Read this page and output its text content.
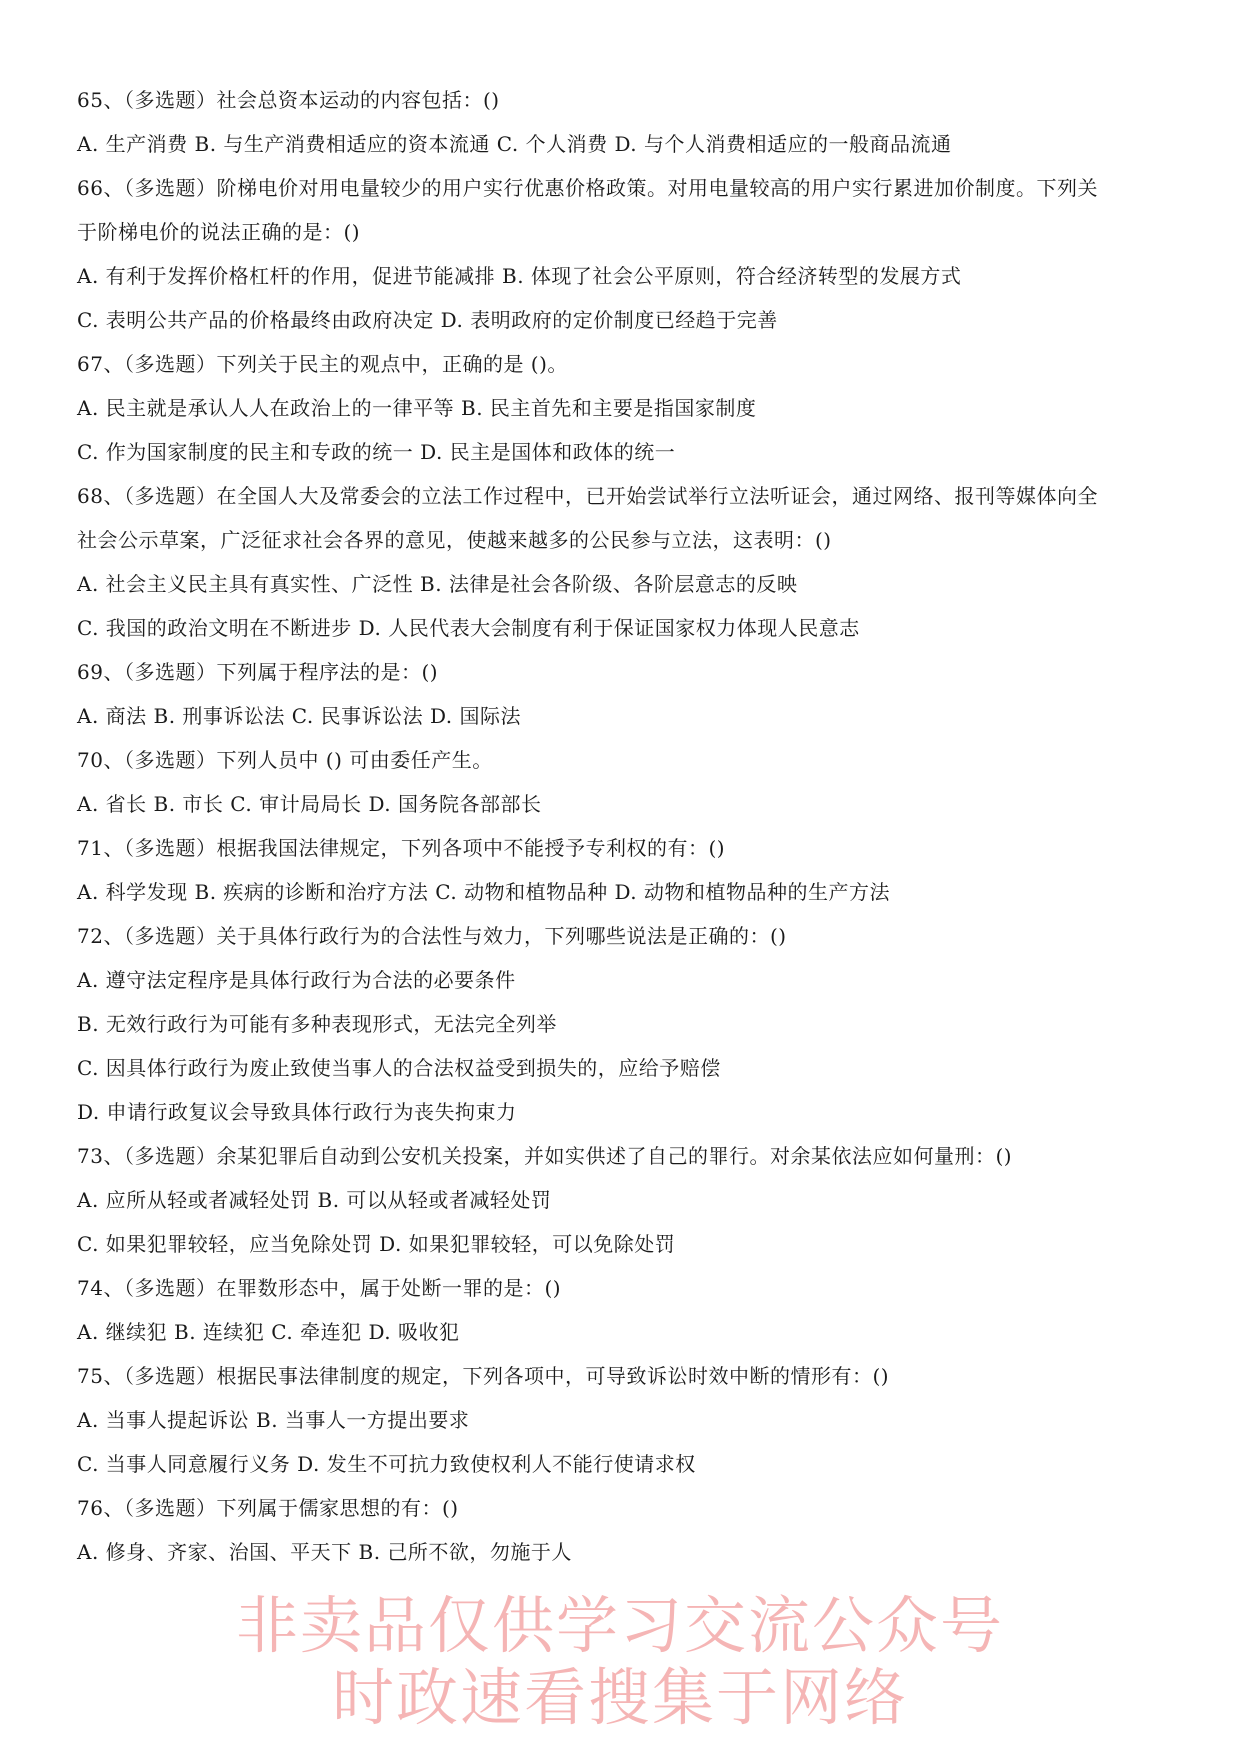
65、（多选题）社会总资本运动的内容包括：()
A. 生产消费 B. 与生产消费相适应的资本流通 C. 个人消费 D. 与个人消费相适应的一般商品流通
66、（多选题）阶梯电价对用电量较少的用户实行优惠价格政策。对用电量较高的用户实行累进加价制度。下列关
于阶梯电价的说法正确的是：()
A. 有利于发挥价格杠杆的作用，促进节能减排 B. 体现了社会公平原则，符合经济转型的发展方式
C. 表明公共产品的价格最终由政府决定 D. 表明政府的定价制度已经趋于完善
67、（多选题）下列关于民主的观点中，正确的是 ()。
A. 民主就是承认人人在政治上的一律平等 B. 民主首先和主要是指国家制度
C. 作为国家制度的民主和专政的统一 D. 民主是国体和政体的统一
68、（多选题）在全国人大及常委会的立法工作过程中，已开始尝试举行立法听证会，通过网络、报刊等媒体向全
社会公示草案，广泛征求社会各界的意见，使越来越多的公民参与立法，这表明：()
A. 社会主义民主具有真实性、广泛性 B. 法律是社会各阶级、各阶层意志的反映
C. 我国的政治文明在不断进步 D. 人民代表大会制度有利于保证国家权力体现人民意志
69、（多选题）下列属于程序法的是：()
A. 商法 B. 刑事诉讼法 C. 民事诉讼法 D. 国际法
70、（多选题）下列人员中 () 可由委任产生。
A. 省长 B. 市长 C. 审计局局长 D. 国务院各部部长
71、（多选题）根据我国法律规定，下列各项中不能授予专利权的有：()
A. 科学发现 B. 疾病的诊断和治疗方法 C. 动物和植物品种 D. 动物和植物品种的生产方法
72、（多选题）关于具体行政行为的合法性与效力，下列哪些说法是正确的：()
A. 遵守法定程序是具体行政行为合法的必要条件
B. 无效行政行为可能有多种表现形式，无法完全列举
C. 因具体行政行为废止致使当事人的合法权益受到损失的，应给予赔偿
D. 申请行政复议会导致具体行政行为丧失拘束力
73、（多选题）余某犯罪后自动到公安机关投案，并如实供述了自己的罪行。对余某依法应如何量刑：()
A. 应所从轻或者减轻处罚 B. 可以从轻或者减轻处罚
C. 如果犯罪较轻，应当免除处罚 D. 如果犯罪较轻，可以免除处罚
74、（多选题）在罪数形态中，属于处断一罪的是：()
A. 继续犯 B. 连续犯 C. 牵连犯 D. 吸收犯
75、（多选题）根据民事法律制度的规定，下列各项中，可导致诉讼时效中断的情形有：()
A. 当事人提起诉讼 B. 当事人一方提出要求
C. 当事人同意履行义务 D. 发生不可抗力致使权利人不能行使请求权
76、（多选题）下列属于儒家思想的有：()
A. 修身、齐家、治国、平天下 B. 己所不欲，勿施于人
非卖品仅供学习交流公众号时政速看搜集于网络
